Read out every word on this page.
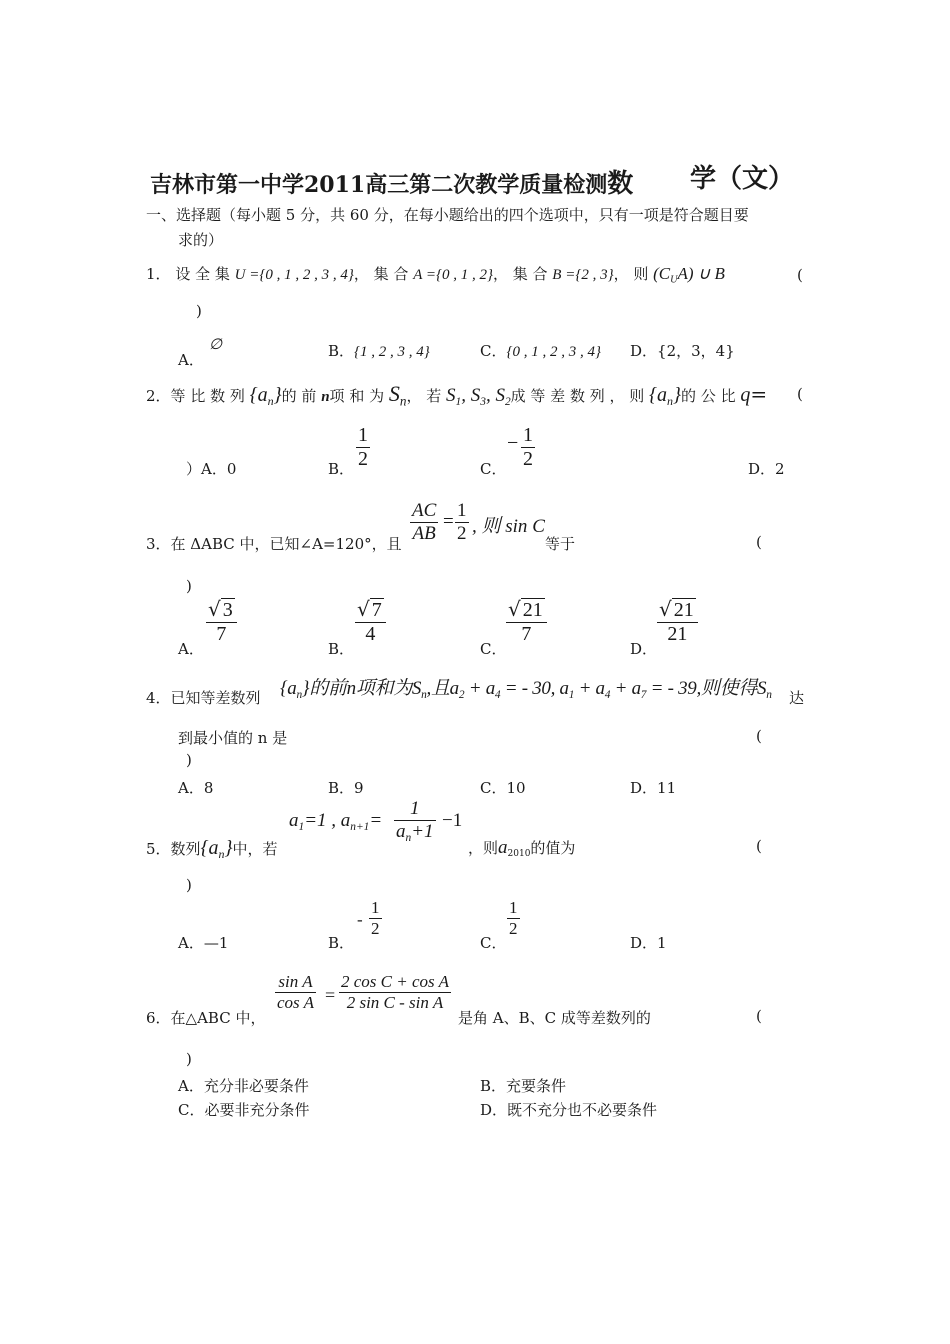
吉林市第一中学2011高三第二次教学质量检测数 学（文）
一、选择题（每小题 5 分，共 60 分，在每小题给出的四个选项中，只有一项是符合题目要
求的）
1． 设 全 集 U ={0 , 1 , 2 , 3 , 4}， 集 合 A ={0 , 1 , 2}， 集 合 B ={2 , 3}， 则 $(C_UA)$ ∪ B	(
)
A．
∅	B．{1 , 2 , 3 , 4}	C．{0 , 1 , 2 , 3 , 4} D．{2，3，4}
2．等 比 数 列 $\{a_n\}$的 前 n项 和 为 $S_n$， 若 $S_1$, $S_3$, $S_2$成 等 差 数 列 ， 则 $\{a_n\}$的 公 比 q= (
）A．0	B． $\frac{1}{2}$	C．
− $\frac{1}{2}$	D．2
3．在 ΔABC 中，已知∠A=120°，且 $\frac{AC}{AB} = \frac{1}{2}$ , 则 sin C
等于	(
)
A．
$\frac{√ 3}{7}$
B．
$\frac{√ 7}{4}$
C．
$\frac{√ 21}{7}$
D．
$\frac{√ 21}{21}$
4．已知等差数列 $\{a_n\}$的前n项和为$S_n$,且$a_2 + a_4$ = - 30, $a_1 + a_4 + a_7$ = - 39,则使得$S_n$ 达
到最小值的 n 是	(
)
A．8	B．9	C．10	D．11
5．数列$\{a_n\}$中，若
$a_1=1$ , $a_{n+1}= \frac{1}{a_n+1} -1$
，则$a_{2010}$的值为	(
)
A．—1	B．
- $\frac{1}{2}$
C．
$\frac{1}{2}$
D．1
6．在△ABC 中，
$\frac{\text{sin A}}{\text{cos A}} = \frac{\text{2 cos C + cos A}}{\text{2 sin C - sin A}}$
是角 A、B、C 成等差数列的	(
)
A．充分非必要条件	B．充要条件
C．必要非充分条件	D．既不充分也不必要条件
